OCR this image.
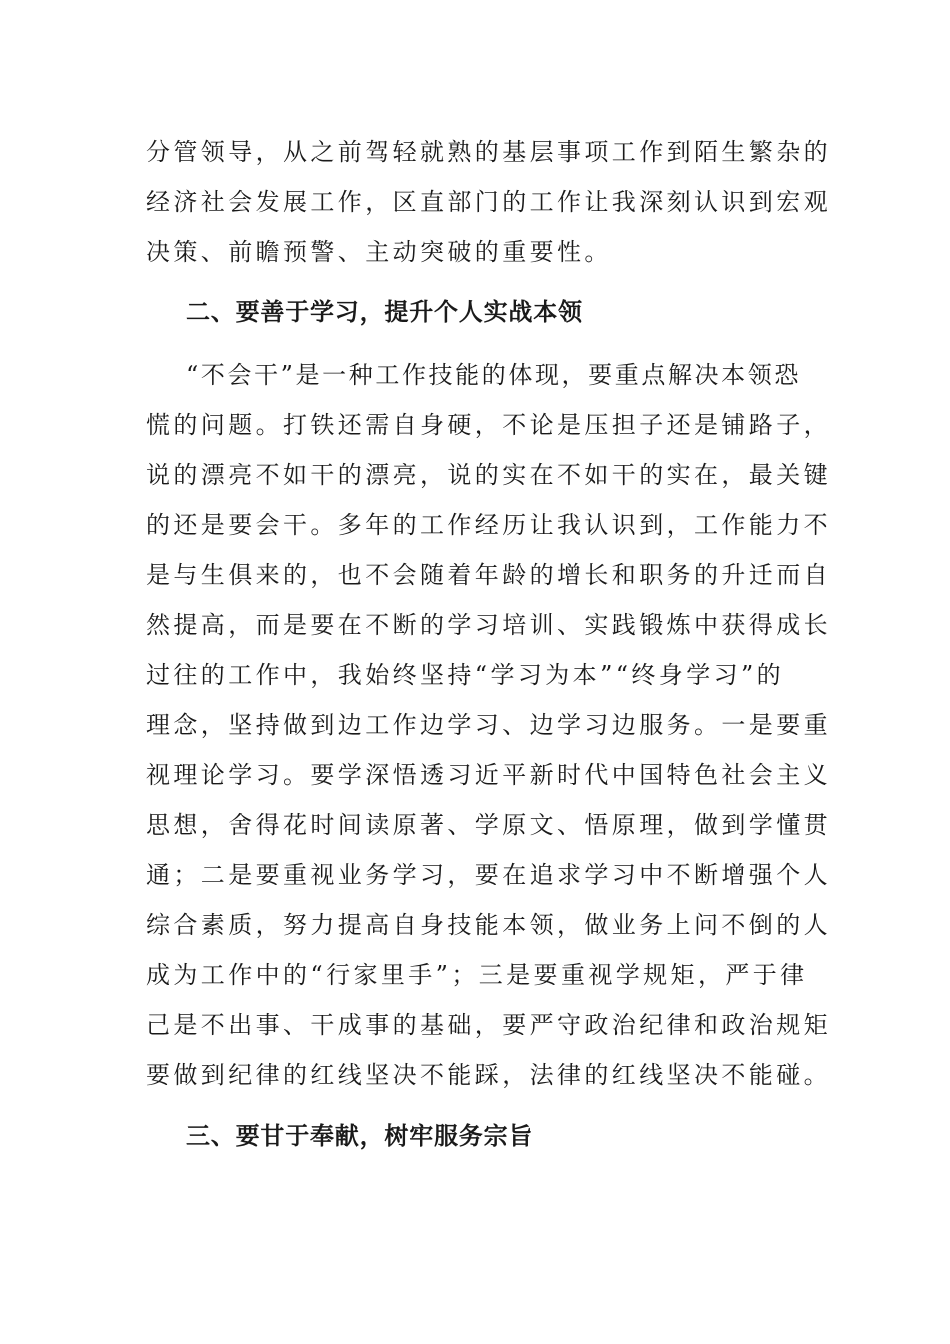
分管领导，从之前驾轻就熟的基层事项工作到陌生繁杂的
经济社会发展工作，区直部门的工作让我深刻认识到宏观
决策、前瞻预警、主动突破的重要性。
二、要善于学习，提升个人实战本领
“不会干”是一种工作技能的体现，要重点解决本领恐
慌的问题。打铁还需自身硬，不论是压担子还是铺路子，
说的漂亮不如干的漂亮，说的实在不如干的实在，最关键
的还是要会干。多年的工作经历让我认识到，工作能力不
是与生俱来的，也不会随着年龄的增长和职务的升迁而自
然提高，而是要在不断的学习培训、实践锻炼中获得成长
过往的工作中，我始终坚持“学习为本”“终身学习”的
理念，坚持做到边工作边学习、边学习边服务。一是要重
视理论学习。要学深悟透习近平新时代中国特色社会主义
思想，舍得花时间读原著、学原文、悟原理，做到学懂贯
通；二是要重视业务学习，要在追求学习中不断增强个人
综合素质，努力提高自身技能本领，做业务上问不倒的人
成为工作中的“行家里手”；三是要重视学规矩，严于律
己是不出事、干成事的基础，要严守政治纪律和政治规矩
要做到纪律的红线坚决不能踩，法律的红线坚决不能碰。
三、要甘于奉献，树牢服务宗旨
